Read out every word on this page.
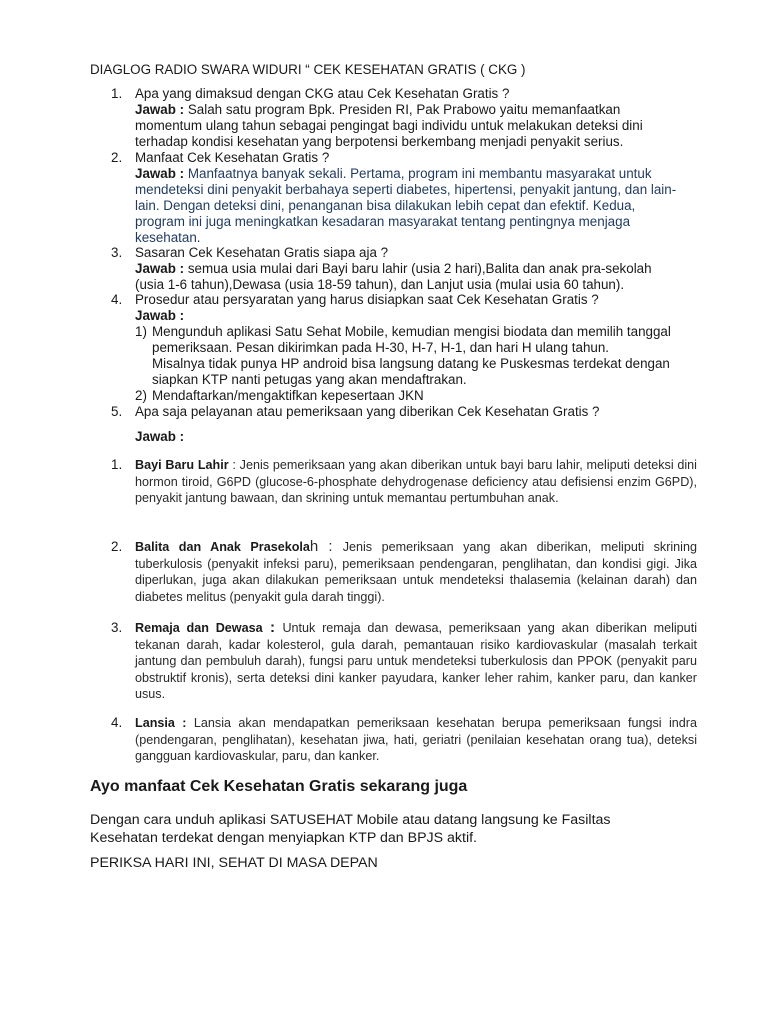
DIAGLOG RADIO SWARA WIDURI “ CEK KESEHATAN GRATIS ( CKG )
1. Apa yang dimaksud dengan CKG atau Cek Kesehatan Gratis ?
Jawab : Salah satu program Bpk. Presiden RI, Pak Prabowo yaitu memanfaatkan
momentum ulang tahun sebagai pengingat bagi individu untuk melakukan deteksi dini
terhadap kondisi kesehatan yang berpotensi berkembang menjadi penyakit serius.
2. Manfaat Cek Kesehatan Gratis ?
Jawab : Manfaatnya banyak sekali. Pertama, program ini membantu masyarakat untuk
mendeteksi dini penyakit berbahaya seperti diabetes, hipertensi, penyakit jantung, dan lain-
lain. Dengan deteksi dini, penanganan bisa dilakukan lebih cepat dan efektif. Kedua,
program ini juga meningkatkan kesadaran masyarakat tentang pentingnya menjaga
kesehatan.
3. Sasaran Cek Kesehatan Gratis siapa aja ?
Jawab : semua usia mulai dari Bayi baru lahir (usia 2 hari),Balita dan anak pra-sekolah
(usia 1-6 tahun),Dewasa (usia 18-59 tahun), dan Lanjut usia (mulai usia 60 tahun).
4. Prosedur atau persyaratan yang harus disiapkan saat Cek Kesehatan Gratis ?
Jawab :
1) Mengunduh aplikasi Satu Sehat Mobile, kemudian mengisi biodata dan memilih tanggal
pemeriksaan. Pesan dikirimkan pada H-30, H-7, H-1, dan hari H ulang tahun.
Misalnya tidak punya HP android bisa langsung datang ke Puskesmas terdekat dengan
siapkan KTP nanti petugas yang akan mendaftrakan.
2) Mendaftarkan/mengaktifkan kepesertaan JKN
5. Apa saja pelayanan atau pemeriksaan yang diberikan Cek Kesehatan Gratis ?
Jawab :
1. Bayi Baru Lahir : Jenis pemeriksaan yang akan diberikan untuk bayi baru lahir, meliputi deteksi dini hormon tiroid, G6PD (glucose-6-phosphate dehydrogenase deficiency atau defisiensi enzim G6PD), penyakit jantung bawaan, dan skrining untuk memantau pertumbuhan anak.
2. Balita dan Anak Prasekolah : Jenis pemeriksaan yang akan diberikan, meliputi skrining tuberkulosis (penyakit infeksi paru), pemeriksaan pendengaran, penglihatan, dan kondisi gigi. Jika diperlukan, juga akan dilakukan pemeriksaan untuk mendeteksi thalasemia (kelainan darah) dan diabetes melitus (penyakit gula darah tinggi).
3. Remaja dan Dewasa : Untuk remaja dan dewasa, pemeriksaan yang akan diberikan meliputi tekanan darah, kadar kolesterol, gula darah, pemantauan risiko kardiovaskular (masalah terkait jantung dan pembuluh darah), fungsi paru untuk mendeteksi tuberkulosis dan PPOK (penyakit paru obstruktif kronis), serta deteksi dini kanker payudara, kanker leher rahim, kanker paru, dan kanker usus.
4. Lansia : Lansia akan mendapatkan pemeriksaan kesehatan berupa pemeriksaan fungsi indra (pendengaran, penglihatan), kesehatan jiwa, hati, geriatri (penilaian kesehatan orang tua), deteksi gangguan kardiovaskular, paru, dan kanker.
Ayo manfaat Cek Kesehatan Gratis sekarang juga
Dengan cara unduh aplikasi SATUSEHAT Mobile atau datang langsung ke Fasiltas
Kesehatan terdekat dengan menyiapkan KTP dan BPJS aktif.
PERIKSA HARI INI, SEHAT DI MASA DEPAN
